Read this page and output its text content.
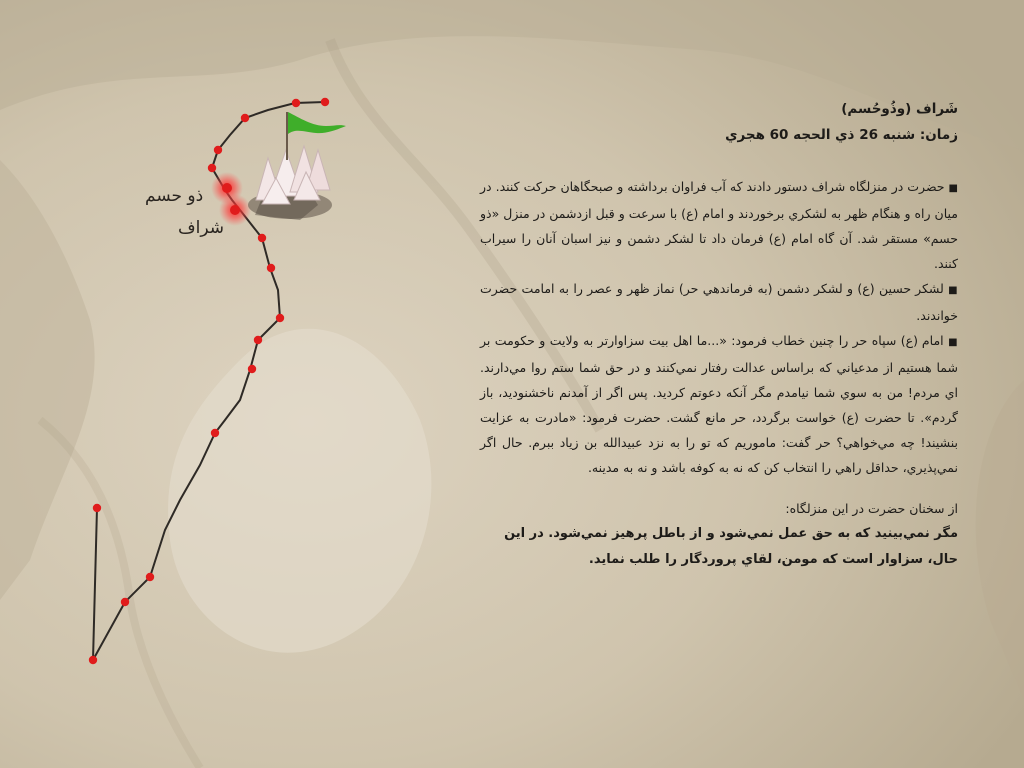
ذو حسم
شراف
شَراف (وذُوحُسم)
زمان: شنبه 26 ذي الحجه 60 هجري
■ حضرت در منزلگاه شراف دستور دادند که آب فراوان برداشته و صبحگاهان حرکت کنند. در ميان راه و هنگام ظهر به لشکري برخوردند و امام (ع) با سرعت و قبل ازدشمن در منزل «ذو حسم» مستقر شد. آن گاه امام (ع) فرمان داد تا لشکر دشمن و نيز اسبان آنان را سيراب کنند.
■ لشکر حسين (ع) و لشکر دشمن (به فرماندهي حر) نماز ظهر و عصر را به امامت حضرت خواندند.
■ امام (ع) سپاه حر را چنين خطاب فرمود: «...ما اهل بيت سزاوارتر به ولايت و حکومت بر شما هستيم از مدعياني که براساس عدالت رفتار نمي‌کنند و در حق شما ستم روا مي‌دارند. اي مردم! من به سوي شما نيامدم مگر آنکه دعوتم کرديد. پس اگر از آمدنم ناخشنوديد، باز گردم». تا حضرت (ع) خواست برگردد، حر مانع گشت. حضرت فرمود: «مادرت به عزايت بنشيند! چه مي‌خواهي؟ حر گفت: ماموريم که تو را به نزد عبيدالله بن زياد ببرم. حال اگر نمي‌پذيري، حداقل راهي را انتخاب کن که نه به کوفه باشد و نه به مدينه.
از سخنان حضرت در اين منزلگاه:
مگر نمي‌بينيد که به حق عمل نمي‌شود و از باطل پرهيز نمي‌شود. در اين حال، سزاوار است که مومن، لقاي پروردگار را طلب نمايد.
